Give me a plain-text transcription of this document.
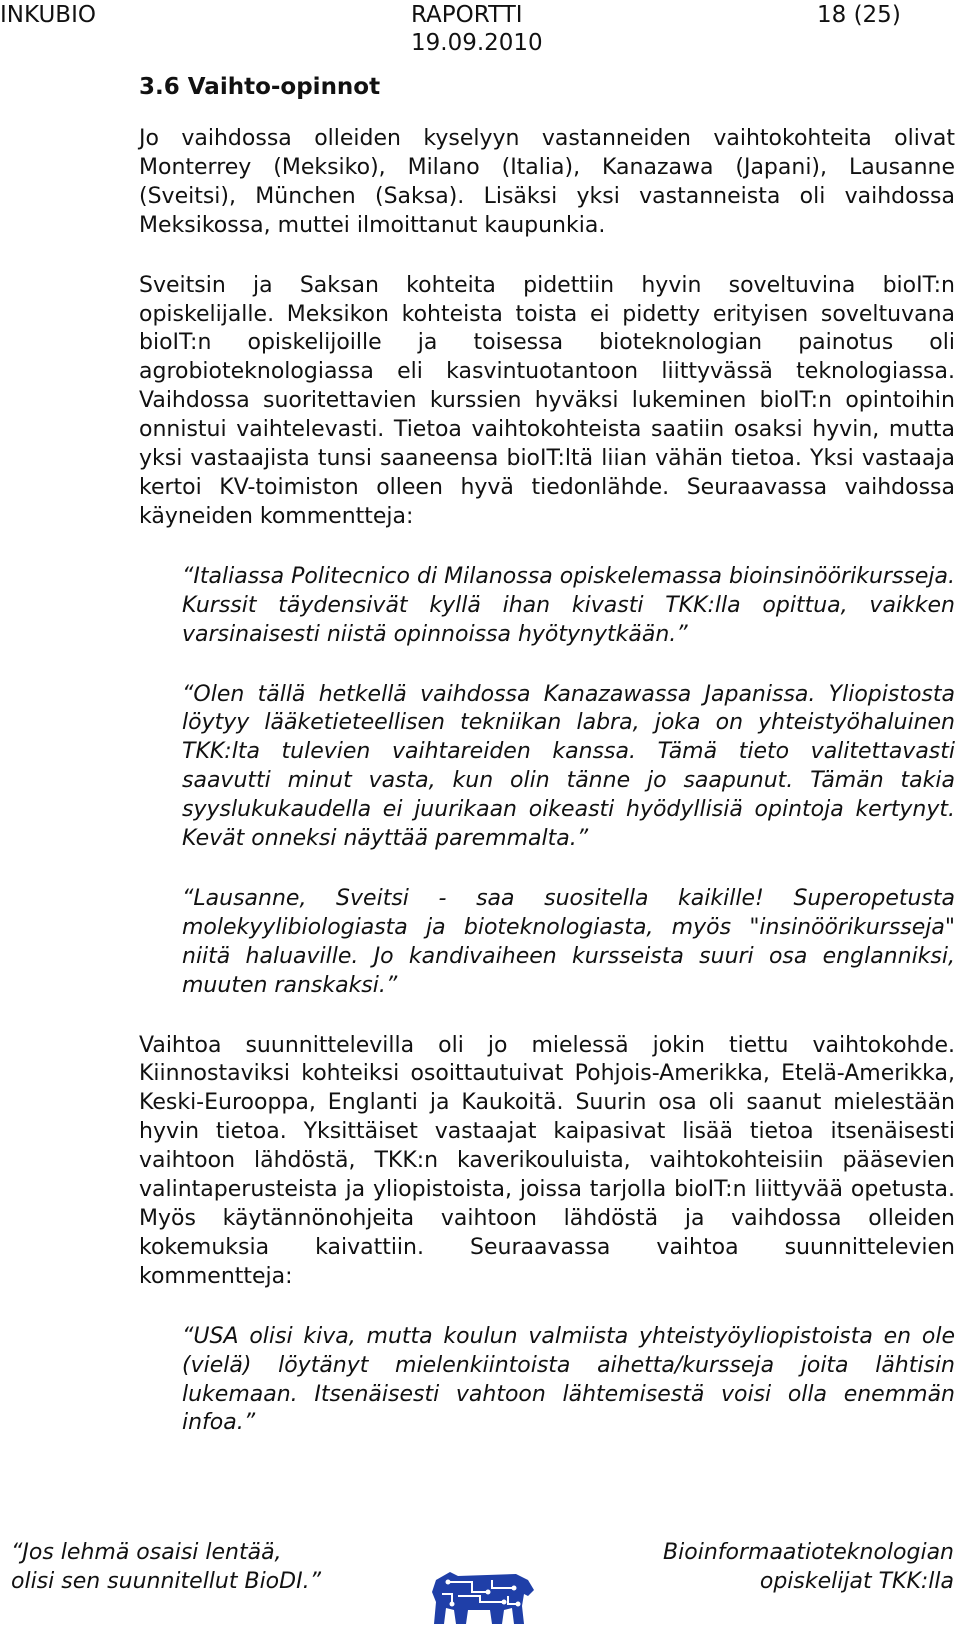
INKUBIO	RAPORTTI
19.09.2010
18 (25)
3.6 Vaihto-opinnot

Jo vaihdossa olleiden kyselyyn vastanneiden vaihtokohteita olivat Monterrey (Meksiko), Milano (Italia), Kanazawa (Japani), Lausanne (Sveitsi), München (Saksa). Lisäksi yksi vastanneista oli vaihdossa Meksikossa, muttei ilmoittanut kaupunkia.

Sveitsin ja Saksan kohteita pidettiin hyvin soveltuvina bioIT:n opiskelijalle. Meksikon kohteista toista ei pidetty erityisen soveltuvana bioIT:n opiskelijoille ja toisessa bioteknologian painotus oli agrobioteknologiassa eli kasvintuotantoon liittyvässä teknologiassa. Vaihdossa suoritettavien kurssien hyväksi lukeminen bioIT:n opintoihin onnistui vaihtelevasti. Tietoa vaihtokohteista saatiin osaksi hyvin, mutta yksi vastaajista tunsi saaneensa bioIT:ltä liian vähän tietoa. Yksi vastaaja kertoi KV-toimiston olleen hyvä tiedonlähde. Seuraavassa vaihdossa käyneiden kommentteja:

“Italiassa Politecnico di Milanossa opiskelemassa bioinsinöörikursseja. Kurssit täydensivät kyllä ihan kivasti TKK:lla opittua, vaikken varsinaisesti niistä opinnoissa hyötynytkään.”

“Olen tällä hetkellä vaihdossa Kanazawassa Japanissa. Yliopistosta löytyy lääketieteellisen tekniikan labra, joka on yhteistyöhaluinen TKK:lta tulevien vaihtareiden kanssa. Tämä tieto valitettavasti saavutti minut vasta, kun olin tänne jo saapunut. Tämän takia syyslukukaudella ei juurikaan oikeasti hyödyllisiä opintoja kertynyt. Kevät onneksi näyttää paremmalta.”

“Lausanne, Sveitsi - saa suositella kaikille! Superopetusta molekyylibiologiasta ja bioteknologiasta, myös "insinöörikursseja" niitä haluaville. Jo kandivaiheen kursseista suuri osa englanniksi, muuten ranskaksi.”

Vaihtoa suunnittelevilla oli jo mielessä jokin tiettu vaihtokohde. Kiinnostaviksi kohteiksi osoittautuivat Pohjois-Amerikka, Etelä-Amerikka, Keski-Eurooppa, Englanti ja Kaukoitä. Suurin osa oli saanut mielestään hyvin tietoa. Yksittäiset vastaajat kaipasivat lisää tietoa itsenäisesti vaihtoon lähdöstä, TKK:n kaverikouluista, vaihtokohteisiin pääsevien valintaperusteista ja yliopistoista, joissa tarjolla bioIT:n liittyvää opetusta. Myös käytännönohjeita vaihtoon lähdöstä ja vaihdossa olleiden kokemuksia kaivattiin. Seuraavassa vaihtoa suunnittelevien kommentteja:

“USA olisi kiva, mutta koulun valmiista yhteistyöyliopistoista en ole (vielä) löytänyt mielenkiintoista aihetta/kursseja joita lähtisin lukemaan. Itsenäisesti vahtoon lähtemisestä voisi olla enemmän infoa.”

“Jos lehmä osaisi lentää,
olisi sen suunnitellut BioDI.”
Bioinformaatioteknologian
opiskelijat TKK:lla
